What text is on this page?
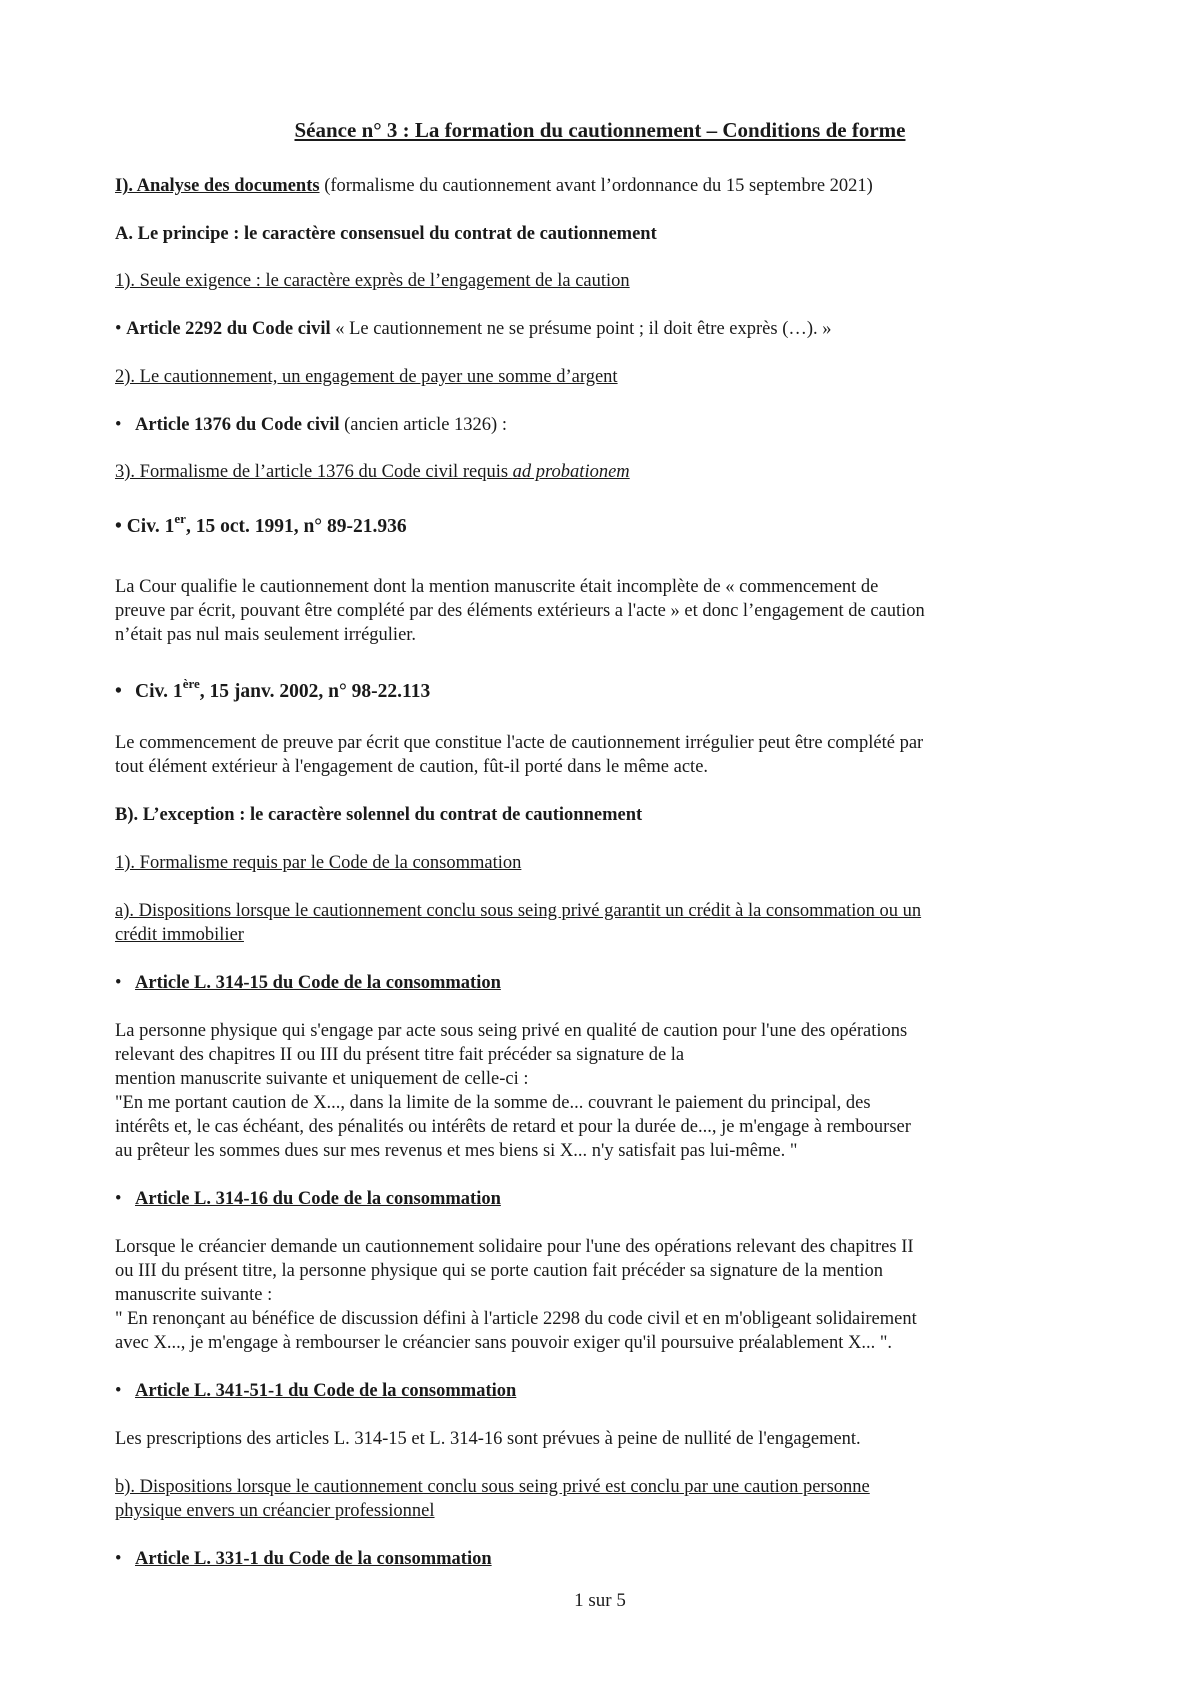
Séance n° 3 : La formation du cautionnement – Conditions de forme
I). Analyse des documents (formalisme du cautionnement avant l’ordonnance du 15 septembre 2021)
A. Le principe : le caractère consensuel du contrat de cautionnement
1). Seule exigence : le caractère exprès de l’engagement de la caution
• Article 2292 du Code civil « Le cautionnement ne se présume point ; il doit être exprès (…). »
2). Le cautionnement, un engagement de payer une somme d’argent
• Article 1376 du Code civil (ancien article 1326) :
3). Formalisme de l’article 1376 du Code civil requis ad probationem
• Civ. 1er, 15 oct. 1991, n° 89-21.936
La Cour qualifie le cautionnement dont la mention manuscrite était incomplète de « commencement de
preuve par écrit, pouvant être complété par des éléments extérieurs a l'acte » et donc l’engagement de caution
n’était pas nul mais seulement irrégulier.
• Civ. 1ère, 15 janv. 2002, n° 98-22.113
Le commencement de preuve par écrit que constitue l'acte de cautionnement irrégulier peut être complété par
tout élément extérieur à l'engagement de caution, fût-il porté dans le même acte.
B). L’exception : le caractère solennel du contrat de cautionnement
1). Formalisme requis par le Code de la consommation
a). Dispositions lorsque le cautionnement conclu sous seing privé garantit un crédit à la consommation ou un
crédit immobilier
• Article L. 314-15 du Code de la consommation
La personne physique qui s'engage par acte sous seing privé en qualité de caution pour l'une des opérations
relevant des chapitres II ou III du présent titre fait précéder sa signature de la
mention manuscrite suivante et uniquement de celle-ci :
"En me portant caution de X..., dans la limite de la somme de... couvrant le paiement du principal, des
intérêts et, le cas échéant, des pénalités ou intérêts de retard et pour la durée de..., je m'engage à rembourser
au prêteur les sommes dues sur mes revenus et mes biens si X... n'y satisfait pas lui-même. "
• Article L. 314-16 du Code de la consommation
Lorsque le créancier demande un cautionnement solidaire pour l'une des opérations relevant des chapitres II
ou III du présent titre, la personne physique qui se porte caution fait précéder sa signature de la mention
manuscrite suivante :
" En renonçant au bénéfice de discussion défini à l'article 2298 du code civil et en m'obligeant solidairement
avec X..., je m'engage à rembourser le créancier sans pouvoir exiger qu'il poursuive préalablement X... ".
• Article L. 341-51-1 du Code de la consommation
Les prescriptions des articles L. 314-15 et L. 314-16 sont prévues à peine de nullité de l'engagement.
b). Dispositions lorsque le cautionnement conclu sous seing privé est conclu par une caution personne
physique envers un créancier professionnel
• Article L. 331-1 du Code de la consommation
1 sur 5
